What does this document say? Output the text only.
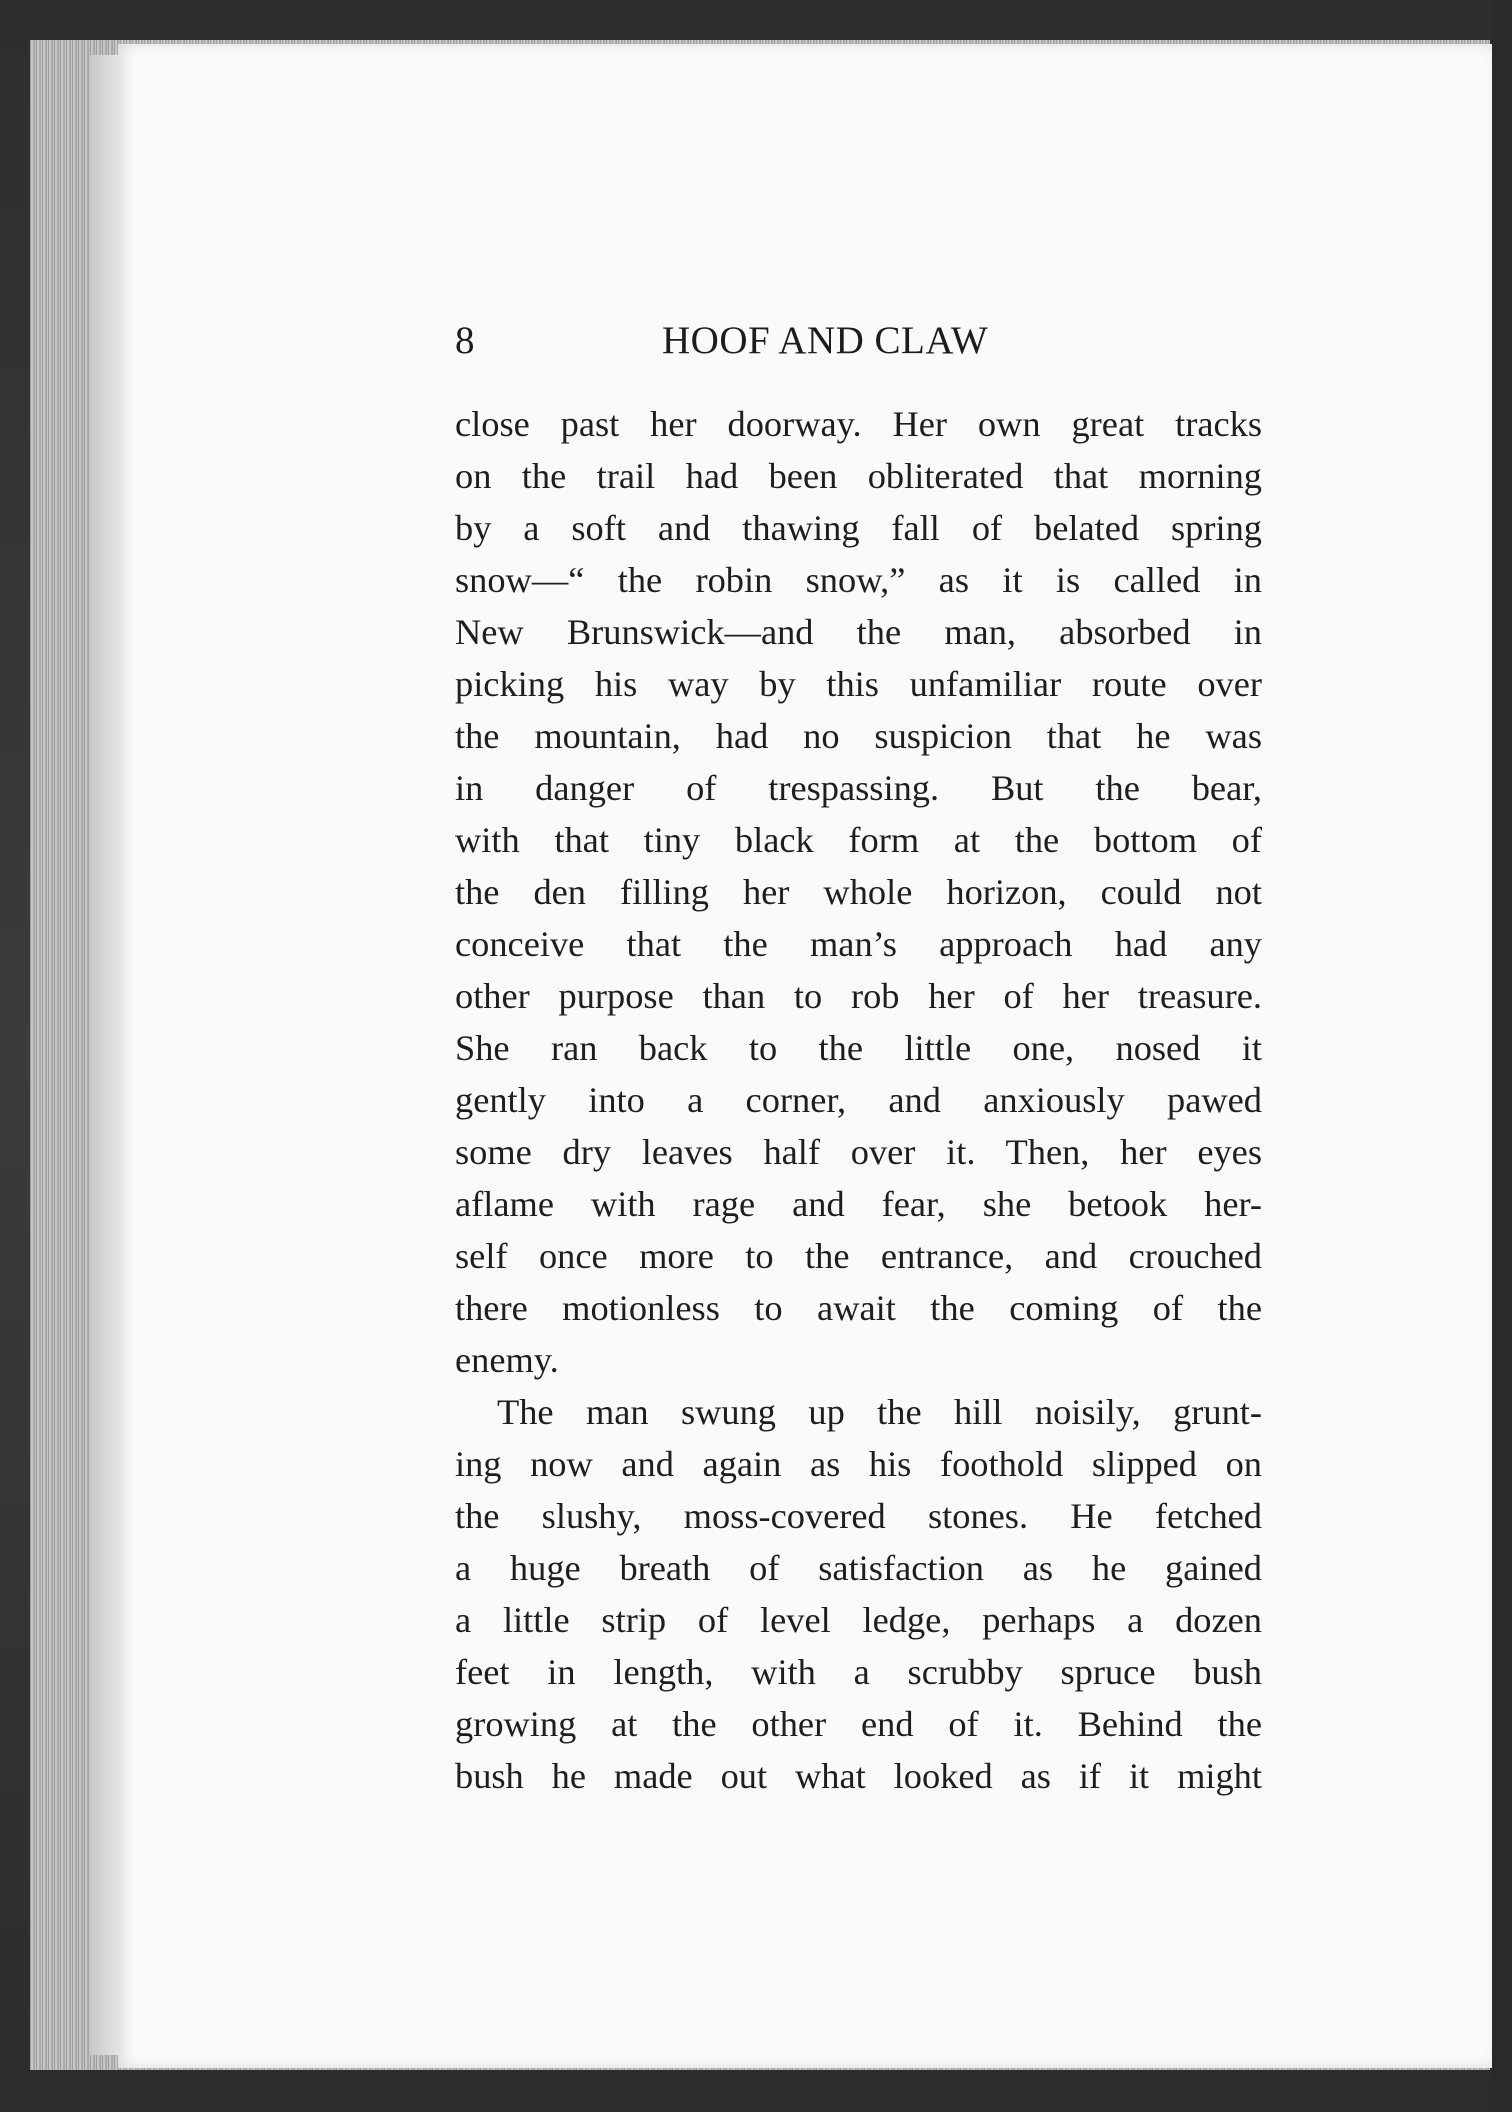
8	HOOF AND CLAW
close past her doorway. Her own great tracks
on the trail had been obliterated that morning
by a soft and thawing fall of belated spring
snow—“ the robin snow,” as it is called in
New Brunswick—and the man, absorbed in
picking his way by this unfamiliar route over
the mountain, had no suspicion that he was
in danger of trespassing. But the bear,
with that tiny black form at the bottom of
the den filling her whole horizon, could not
conceive that the man’s approach had any
other purpose than to rob her of her treasure.
She ran back to the little one, nosed it
gently into a corner, and anxiously pawed
some dry leaves half over it. Then, her eyes
aflame with rage and fear, she betook her-
self once more to the entrance, and crouched
there motionless to await the coming of the
enemy.
The man swung up the hill noisily, grunt-
ing now and again as his foothold slipped on
the slushy, moss-covered stones. He fetched
a huge breath of satisfaction as he gained
a little strip of level ledge, perhaps a dozen
feet in length, with a scrubby spruce bush
growing at the other end of it. Behind the
bush he made out what looked as if it might
